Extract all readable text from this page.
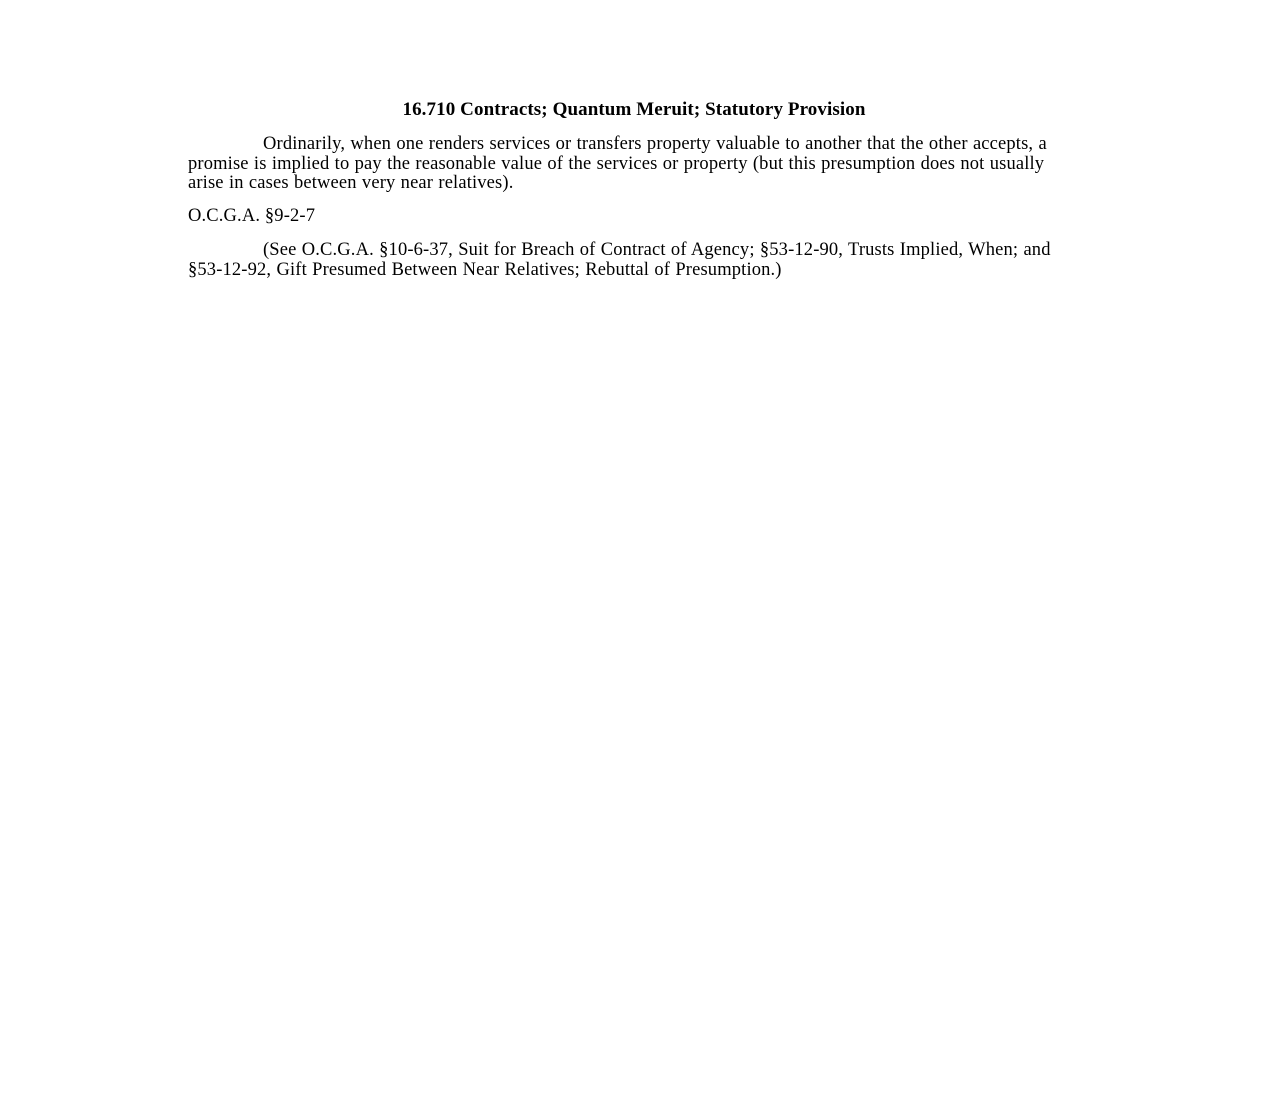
16.710 Contracts; Quantum Meruit; Statutory Provision

Ordinarily, when one renders services or transfers property valuable to another that the other accepts, a promise is implied to pay the reasonable value of the services or property (but this presumption does not usually arise in cases between very near relatives).

O.C.G.A. §9-2-7

(See O.C.G.A. §10-6-37, Suit for Breach of Contract of Agency; §53-12-90, Trusts Implied, When; and §53-12-92, Gift Presumed Between Near Relatives; Rebuttal of Presumption.)
